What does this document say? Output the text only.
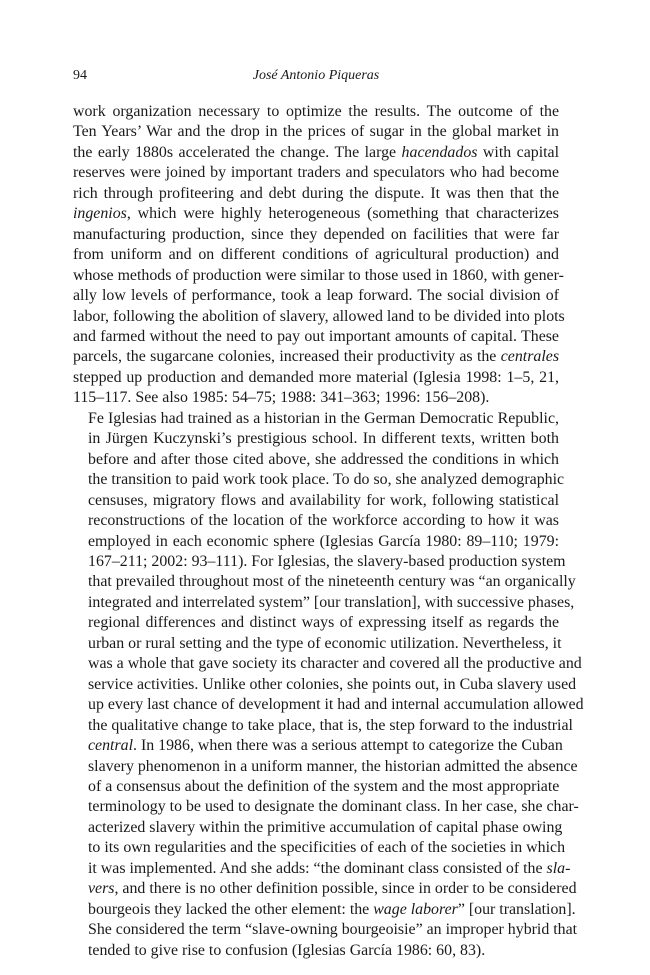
94	José Antonio Piqueras

work organization necessary to optimize the results. The outcome of the
Ten Years’ War and the drop in the prices of sugar in the global market in
the early 1880s accelerated the change. The large hacendados with capital
reserves were joined by important traders and speculators who had become
rich through profiteering and debt during the dispute. It was then that the
ingenios, which were highly heterogeneous (something that characterizes
manufacturing production, since they depended on facilities that were far
from uniform and on different conditions of agricultural production) and
whose methods of production were similar to those used in 1860, with gener-
ally low levels of performance, took a leap forward. The social division of
labor, following the abolition of slavery, allowed land to be divided into plots
and farmed without the need to pay out important amounts of capital. These
parcels, the sugarcane colonies, increased their productivity as the centrales
stepped up production and demanded more material (Iglesia 1998: 1–5, 21,
115–117. See also 1985: 54–75; 1988: 341–363; 1996: 156–208).

Fe Iglesias had trained as a historian in the German Democratic Republic,
in Jürgen Kuczynski’s prestigious school. In different texts, written both
before and after those cited above, she addressed the conditions in which
the transition to paid work took place. To do so, she analyzed demographic
censuses, migratory flows and availability for work, following statistical
reconstructions of the location of the workforce according to how it was
employed in each economic sphere (Iglesias García 1980: 89–110; 1979:
167–211; 2002: 93–111). For Iglesias, the slavery-based production system
that prevailed throughout most of the nineteenth century was “an organically
integrated and interrelated system” [our translation], with successive phases,
regional differences and distinct ways of expressing itself as regards the
urban or rural setting and the type of economic utilization. Nevertheless, it
was a whole that gave society its character and covered all the productive and
service activities. Unlike other colonies, she points out, in Cuba slavery used
up every last chance of development it had and internal accumulation allowed
the qualitative change to take place, that is, the step forward to the industrial
central. In 1986, when there was a serious attempt to categorize the Cuban
slavery phenomenon in a uniform manner, the historian admitted the absence
of a consensus about the definition of the system and the most appropriate
terminology to be used to designate the dominant class. In her case, she char-
acterized slavery within the primitive accumulation of capital phase owing
to its own regularities and the specificities of each of the societies in which
it was implemented. And she adds: “the dominant class consisted of the sla-
vers, and there is no other definition possible, since in order to be considered
bourgeois they lacked the other element: the wage laborer” [our translation].
She considered the term “slave-owning bourgeoisie” an improper hybrid that
tended to give rise to confusion (Iglesias García 1986: 60, 83).
